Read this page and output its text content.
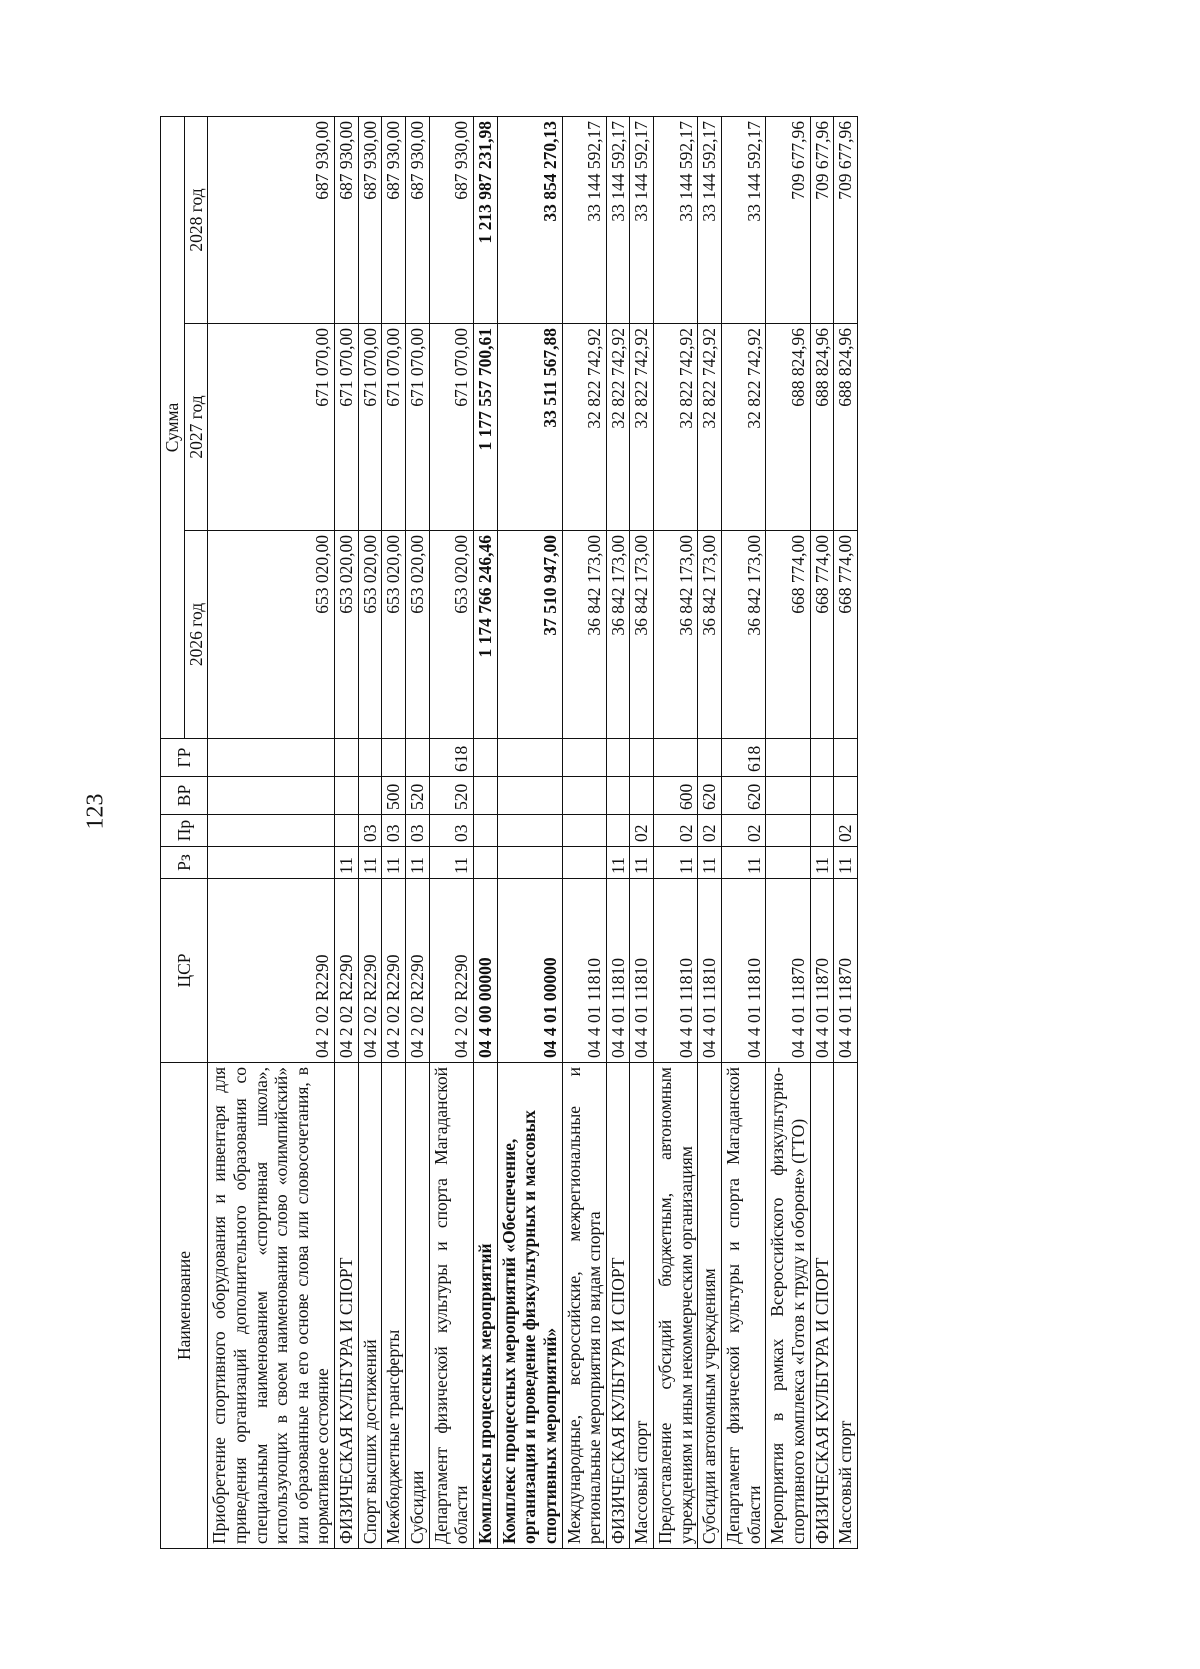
123
Наименование	ЦСР	Рз	Пр	ВР	ГР	Сумма		
						2026 год	2027 год	2028 год
Приобретение спортивного оборудования и инвентаря для приведения организаций дополнительного образования со специальным наименованием «спортивная школа», использующих в своем наименовании слово «олимпийский» или образованные на его основе слова или словосочетания, в нормативное состояние	04 2 02 R2290					653 020,00	671 070,00	687 930,00
ФИЗИЧЕСКАЯ КУЛЬТУРА И СПОРТ	04 2 02 R2290	11				653 020,00	671 070,00	687 930,00
Спорт высших достижений	04 2 02 R2290	11	03			653 020,00	671 070,00	687 930,00
Межбюджетные трансферты	04 2 02 R2290	11	03	500		653 020,00	671 070,00	687 930,00
Субсидии	04 2 02 R2290	11	03	520		653 020,00	671 070,00	687 930,00
Департамент физической культуры и спорта Магаданской области	04 2 02 R2290	11	03	520	618	653 020,00	671 070,00	687 930,00
Комплексы процессных мероприятий	04 4 00 00000					1 174 766 246,46	1 177 557 700,61	1 213 987 231,98
Комплекс процессных мероприятий «Обеспечение, организация и проведение физкультурных и массовых спортивных мероприятий»	04 4 01 00000					37 510 947,00	33 511 567,88	33 854 270,13
Международные, всероссийские, межрегиональные и региональные мероприятия по видам спорта	04 4 01 11810					36 842 173,00	32 822 742,92	33 144 592,17
ФИЗИЧЕСКАЯ КУЛЬТУРА И СПОРТ	04 4 01 11810	11				36 842 173,00	32 822 742,92	33 144 592,17
Массовый спорт	04 4 01 11810	11	02			36 842 173,00	32 822 742,92	33 144 592,17
Предоставление субсидий бюджетным, автономным учреждениям и иным некоммерческим организациям	04 4 01 11810	11	02	600		36 842 173,00	32 822 742,92	33 144 592,17
Субсидии автономным учреждениям	04 4 01 11810	11	02	620		36 842 173,00	32 822 742,92	33 144 592,17
Департамент физической культуры и спорта Магаданской области	04 4 01 11810	11	02	620	618	36 842 173,00	32 822 742,92	33 144 592,17
Мероприятия в рамках Всероссийского физкультурно-спортивного комплекса «Готов к труду и обороне» (ГТО)	04 4 01 11870					668 774,00	688 824,96	709 677,96
ФИЗИЧЕСКАЯ КУЛЬТУРА И СПОРТ	04 4 01 11870	11				668 774,00	688 824,96	709 677,96
Массовый спорт	04 4 01 11870	11	02			668 774,00	688 824,96	709 677,96
